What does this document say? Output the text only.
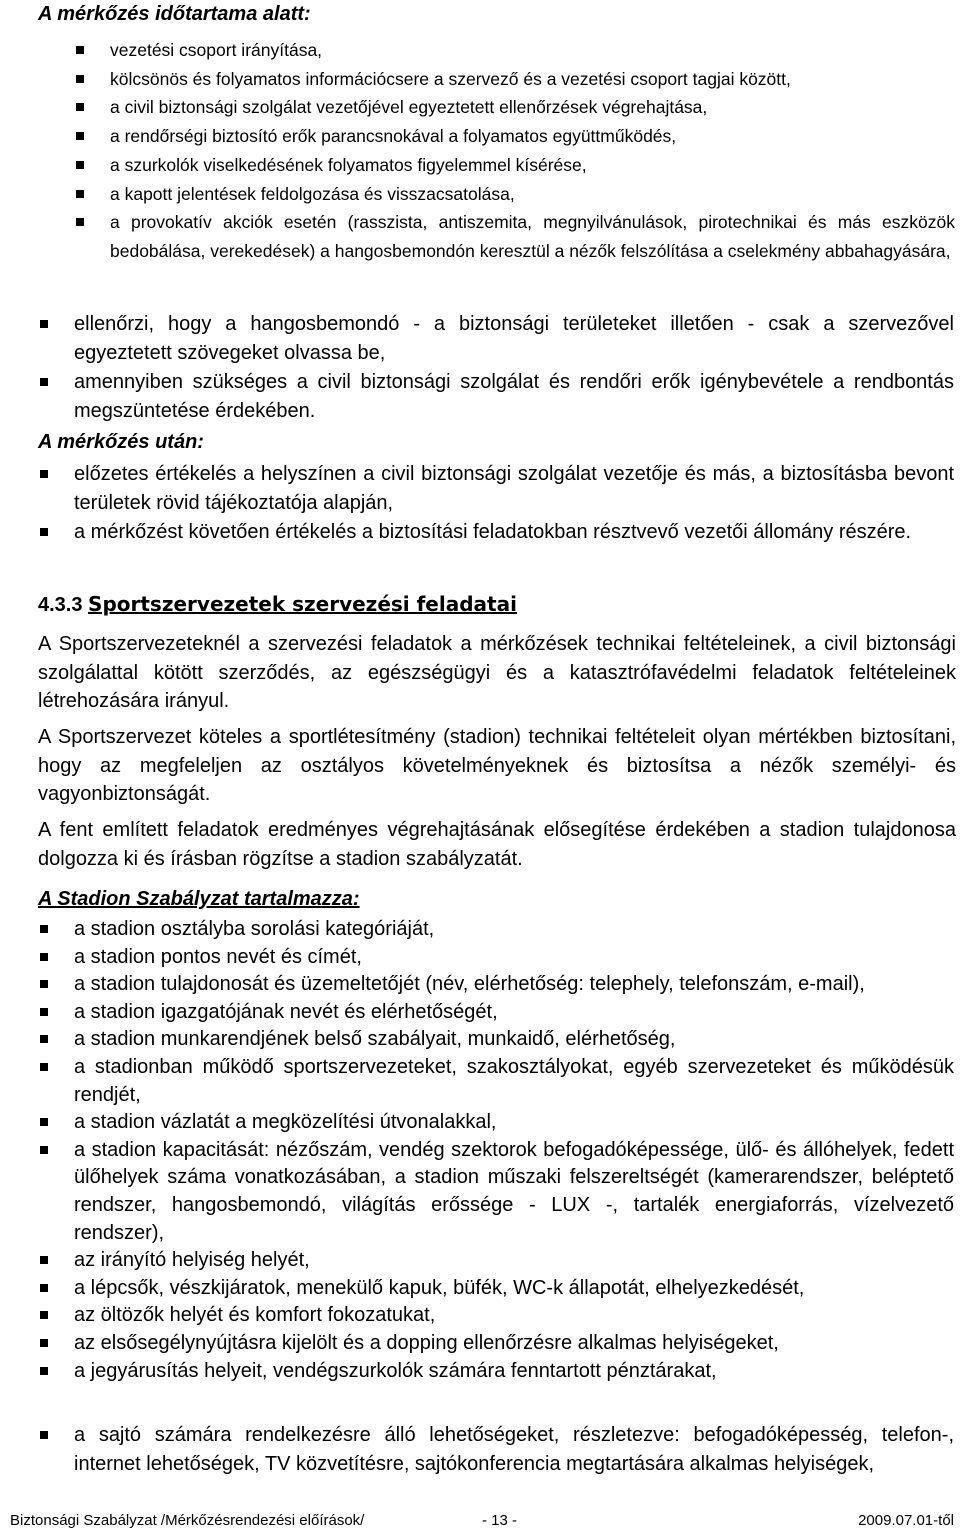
A mérkőzés időtartama alatt:

vezetési csoport irányítása,
kölcsönös és folyamatos információcsere a szervező és a vezetési csoport tagjai között,
a civil biztonsági szolgálat vezetőjével egyeztetett ellenőrzések végrehajtása,
a rendőrségi biztosító erők parancsnokával a folyamatos együttműködés,
a szurkolók viselkedésének folyamatos figyelemmel kísérése,
a kapott jelentések feldolgozása és visszacsatolása,
a provokatív akciók esetén (rasszista, antiszemita, megnyilvánulások, pirotechnikai és más eszközök bedobálása, verekedések) a hangosbemondón keresztül a nézők felszólítása a cselekmény abbahagyására,
ellenőrzi, hogy a hangosbemondó - a biztonsági területeket illetően - csak a szervezővel egyeztetett szövegeket olvassa be,
amennyiben szükséges a civil biztonsági szolgálat és rendőri erők igénybevétele a rendbontás megszüntetése érdekében.

A mérkőzés után:

előzetes értékelés a helyszínen a civil biztonsági szolgálat vezetője és más, a biztosításba bevont területek rövid tájékoztatója alapján,
a mérkőzést követően értékelés a biztosítási feladatokban résztvevő vezetői állomány részére.

4.3.3 Sportszervezetek szervezési feladatai

A Sportszervezeteknél a szervezési feladatok a mérkőzések technikai feltételeinek, a civil biztonsági szolgálattal kötött szerződés, az egészségügyi és a katasztrófavédelmi feladatok feltételeinek létrehozására irányul.

A Sportszervezet köteles a sportlétesítmény (stadion) technikai feltételeit olyan mértékben biztosítani, hogy az megfeleljen az osztályos követelményeknek és biztosítsa a nézők személyi- és vagyonbiztonságát.

A fent említett feladatok eredményes végrehajtásának elősegítése érdekében a stadion tulajdonosa dolgozza ki és írásban rögzítse a stadion szabályzatát.

A Stadion Szabályzat tartalmazza:

a stadion osztályba sorolási kategóriáját,
a stadion pontos nevét és címét,
a stadion tulajdonosát és üzemeltetőjét (név, elérhetőség: telephely, telefonszám, e-mail),
a stadion igazgatójának nevét és elérhetőségét,
a stadion munkarendjének belső szabályait, munkaidő, elérhetőség,
a stadionban működő sportszervezeteket, szakosztályokat, egyéb szervezeteket és működésük rendjét,
a stadion vázlatát a megközelítési útvonalakkal,
a stadion kapacitását: nézőszám, vendég szektorok befogadóképessége, ülő- és állóhelyek, fedett ülőhelyek száma vonatkozásában, a stadion műszaki felszereltségét (kamerarendszer, beléptető rendszer, hangosbemondó, világítás erőssége - LUX -, tartalék energiaforrás, vízelvezető rendszer),
az irányító helyiség helyét,
a lépcsők, vészkijáratok, menekülő kapuk, büfék, WC-k állapotát, elhelyezkedését,
az öltözők helyét és komfort fokozatukat,
az elsősegélynyújtásra kijelölt és a dopping ellenőrzésre alkalmas helyiségeket,
a jegyárusítás helyeit, vendégszurkolók számára fenntartott pénztárakat,
a sajtó számára rendelkezésre álló lehetőségeket, részletezve: befogadóképesség, telefon-, internet lehetőségek, TV közvetítésre, sajtókonferencia megtartására alkalmas helyiségek,
Biztonsági Szabályzat /Mérkőzésrendezési előírások/	- 13 -	2009.07.01-től
